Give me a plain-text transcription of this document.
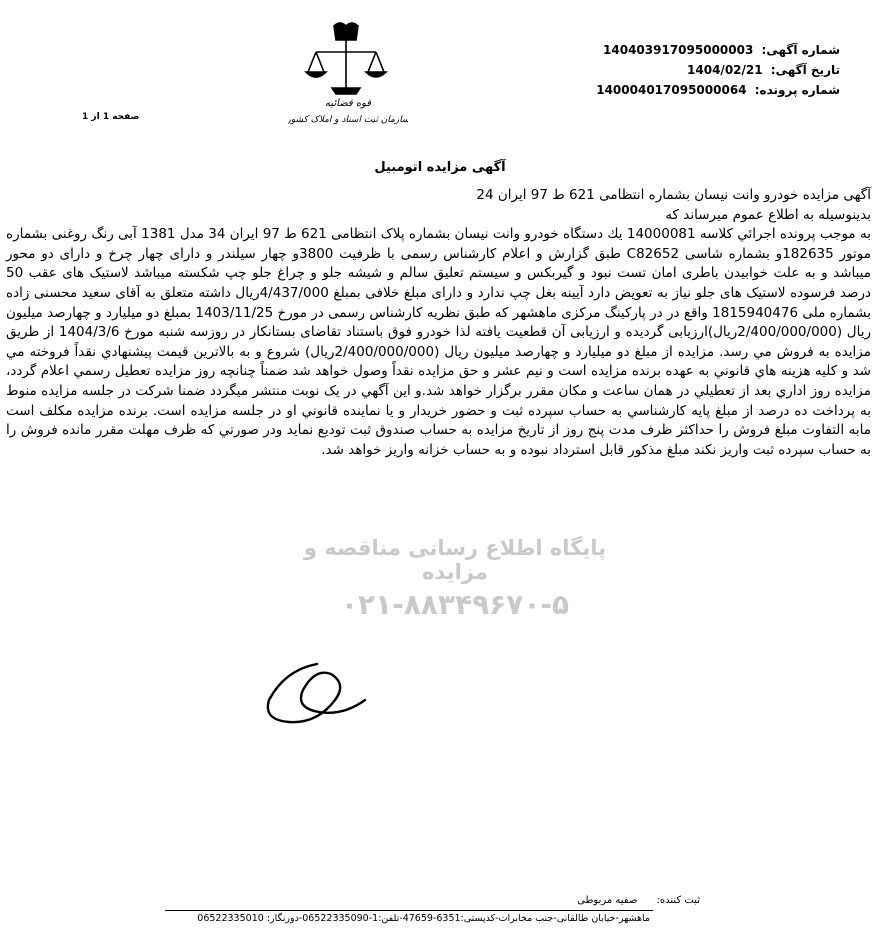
شماره آگهی: 140403917095000003
تاریخ آگهی: 1404/02/21
شماره پرونده: 140004017095000064
قوه قضائیه
سازمان ثبت اسناد و املاک کشور
صفحه 1 از 1
آگهی مزایده اتومبیل

آگهی مزایده خودرو وانت نیسان بشماره انتظامی 621 ط 97 ایران 24

بدینوسیله به اطلاع عموم میرساند که

به موجب پرونده اجرائي كلاسه 14000081 يك دستگاه خودرو وانت نيسان بشماره پلاک انتظامی 621 ط 97 ايران 34 مدل 1381 آبی رنگ روغنی بشماره موتور 182635و بشماره شاسی C82652 طبق گزارش و اعلام كارشناس رسمی با ظرفيت 3800و چهار سيلندر و دارای چهار چرخ و دارای دو محور ميباشد و به علت خوابيدن باطری امان تست نبود و گيربكس و سيستم تعليق سالم و شيشه جلو و چراغ جلو چپ شكسته ميباشد لاستيک های عقب 50 درصد فرسوده لاستيک های جلو نياز به تعويض دارد آيينه بغل چپ ندارد و دارای مبلغ خلافی بمبلغ 4/437/000ريال داشته متعلق به آقای سعيد محسنی زاده بشماره ملی 1815940476 واقع در در پاركينگ مركزی ماهشهر كه طبق نظريه كارشناس رسمی در مورخ 1403/11/25 بمبلغ دو ميليارد و چهارصد ميليون ريال (2/400/000/000ريال)ارزيابی گرديده و ارزيابی آن قطعيت يافته لذا خودرو فوق باستناد تقاضای بستانكار در روزسه شنبه مورخ 1404/3/6 از طريق مزايده به فروش مي رسد. مزايده از مبلغ دو ميليارد و چهارصد ميليون ريال (2/400/000/000ريال) شروع و به بالاترين قيمت پيشنهادي نقداً فروخته مي شد و كليه هزينه هاي قانوني به عهده برنده مزايده است و نيم عشر و حق مزايده نقداً وصول خواهد شد ضمناً چنانچه روز مزايده تعطيل رسمي اعلام گردد، مزايده روز اداري بعد از تعطيلي در همان ساعت و مكان مقرر برگزار خواهد شد.و اين آگهي در يک نوبت منتشر ميگردد ضمنا شركت در جلسه مزايده منوط به پرداخت ده درصد از مبلغ پايه كارشناسي به حساب سپرده ثبت و حضور خريدار و يا نماينده قانوني او در جلسه مزايده است. برنده مزايده مكلف است مابه التفاوت مبلغ فروش را حداكثر ظرف مدت پنج روز از تاريخ مزايده به حساب صندوق ثبت توديع نمايد ودر صورتي كه ظرف مهلت مقرر مانده فروش را به حساب سپرده ثبت واريز نكند مبلغ مذكور قابل استرداد نبوده و به حساب خزانه واريز خواهد شد.

پایگاه اطلاع رسانی مناقصه و مزایده
۰۲۱-۸۸۳۴۹۶۷۰-۵
ثبت کننده: صفیه مربوطی
ماهشهر-خیابان طالقانی-جنب مخابرات-کدپستی:6351-47659-تلفن:1-06522335090-دورنگار: 06522335010
